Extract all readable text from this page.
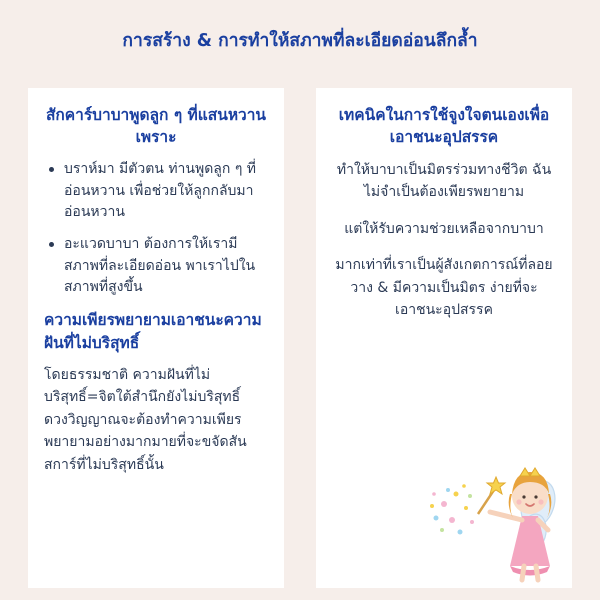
การสร้าง & การทำให้สภาพที่ละเอียดอ่อนลึกล้ำ
สักคาร์บาบาพูดลูก ๆ ที่แสนหวาน เพราะ
บราห์มา มีตัวตน ท่านพูดลูก ๆ ที่อ่อนหวาน เพื่อช่วยให้ลูกกลับมาอ่อนหวาน
อะแวดบาบา ต้องการให้เรามีสภาพที่ละเอียดอ่อน พาเราไปในสภาพที่สูงขึ้น
ความเพียรพยายามเอาชนะความฝันที่ไม่บริสุทธิ์
โดยธรรมชาติ ความฝันที่ไม่บริสุทธิ์=จิตใต้สำนึกยังไม่บริสุทธิ์ ดวงวิญญาณจะต้องทำความเพียรพยายามอย่างมากมายที่จะขจัดสันสการ์ที่ไม่บริสุทธิ์นั้น
เทคนิคในการใช้จูงใจตนเองเพื่อเอาชนะอุปสรรค
ทำให้บาบาเป็นมิตรร่วมทางชีวิต ฉันไม่จำเป็นต้องเพียรพยายาม
แต่ให้รับความช่วยเหลือจากบาบา
มากเท่าที่เราเป็นผู้สังเกตการณ์ที่ลอยวาง & มีความเป็นมิตร ง่ายที่จะเอาชนะอุปสรรค
